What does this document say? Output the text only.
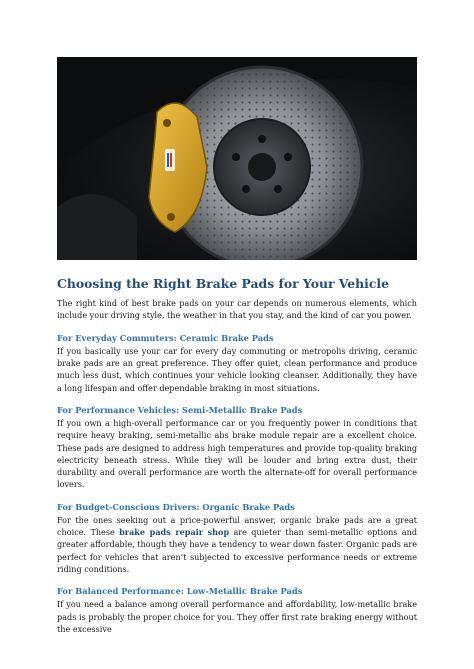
Choosing the Right Brake Pads for Your Vehicle

The right kind of best brake pads on your car depends on numerous elements, which include your driving style, the weather in that you stay, and the kind of car you power.

For Everyday Commuters: Ceramic Brake Pads

If you basically use your car for every day commuting or metropolis driving, ceramic brake pads are an great preference. They offer quiet, clean performance and produce much less dust, which continues your vehicle looking cleanser. Additionally, they have a long lifespan and offer dependable braking in most situations.

For Performance Vehicles: Semi-Metallic Brake Pads

If you own a high-overall performance car or you frequently power in conditions that require heavy braking, semi-metallic abs brake module repair are a excellent choice. These pads are designed to address high temperatures and provide top-quality braking electricity beneath stress. While they will be louder and bring extra dust, their durability and overall performance are worth the alternate-off for overall performance lovers.

For Budget-Conscious Drivers: Organic Brake Pads

For the ones seeking out a price-powerful answer, organic brake pads are a great choice. These brake pads repair shop are quieter than semi-metallic options and greater affordable, though they have a tendency to wear down faster. Organic pads are perfect for vehicles that aren’t subjected to excessive performance needs or extreme riding conditions.

For Balanced Performance: Low-Metallic Brake Pads

If you need a balance among overall performance and affordability, low-metallic brake pads is probably the proper choice for you. They offer first rate braking energy without the excessive
